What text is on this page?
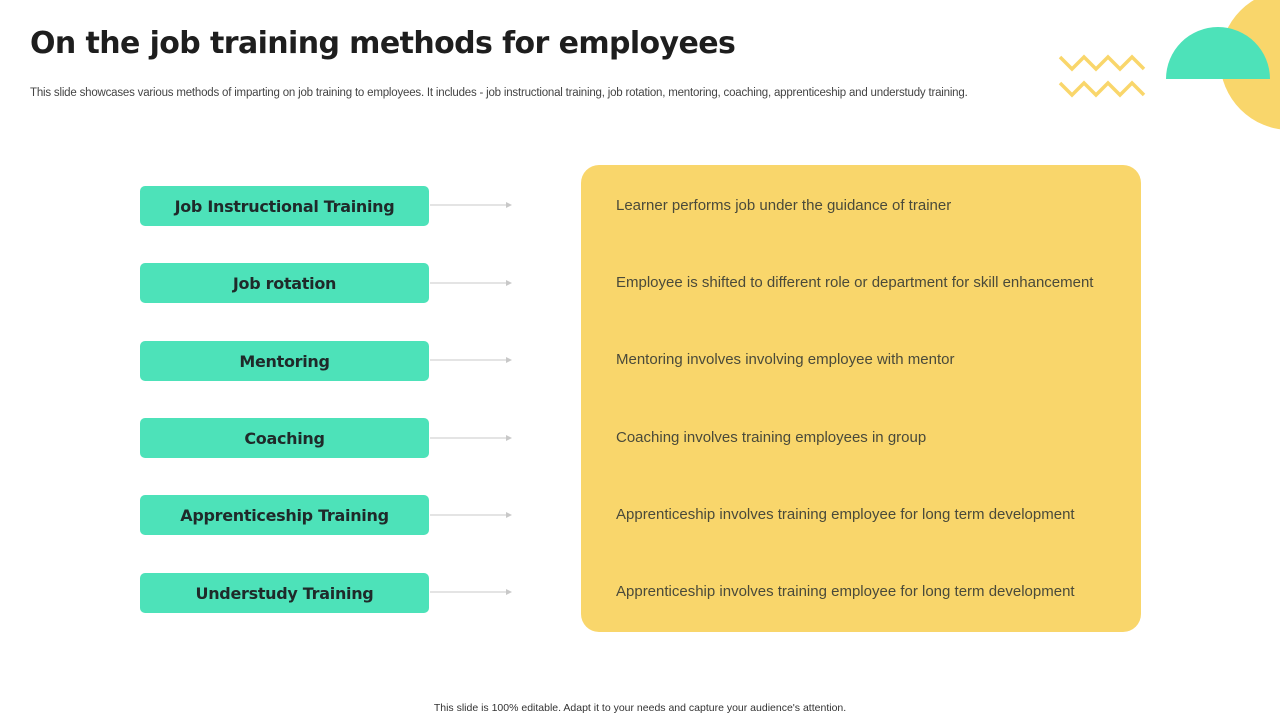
On the job training methods for employees
This slide showcases various methods of imparting on job training to employees. It includes - job instructional training, job rotation, mentoring, coaching, apprenticeship and understudy training.
Job Instructional Training	Learner performs job under the guidance of trainer
Job rotation	Employee is shifted to different role or department for skill enhancement
Mentoring	Mentoring involves involving employee with mentor
Coaching	Coaching involves training employees in group
Apprenticeship Training	Apprenticeship involves training employee for long term development
Understudy Training	Apprenticeship involves training employee for long term development
This slide is 100% editable. Adapt it to your needs and capture your audience's attention.
